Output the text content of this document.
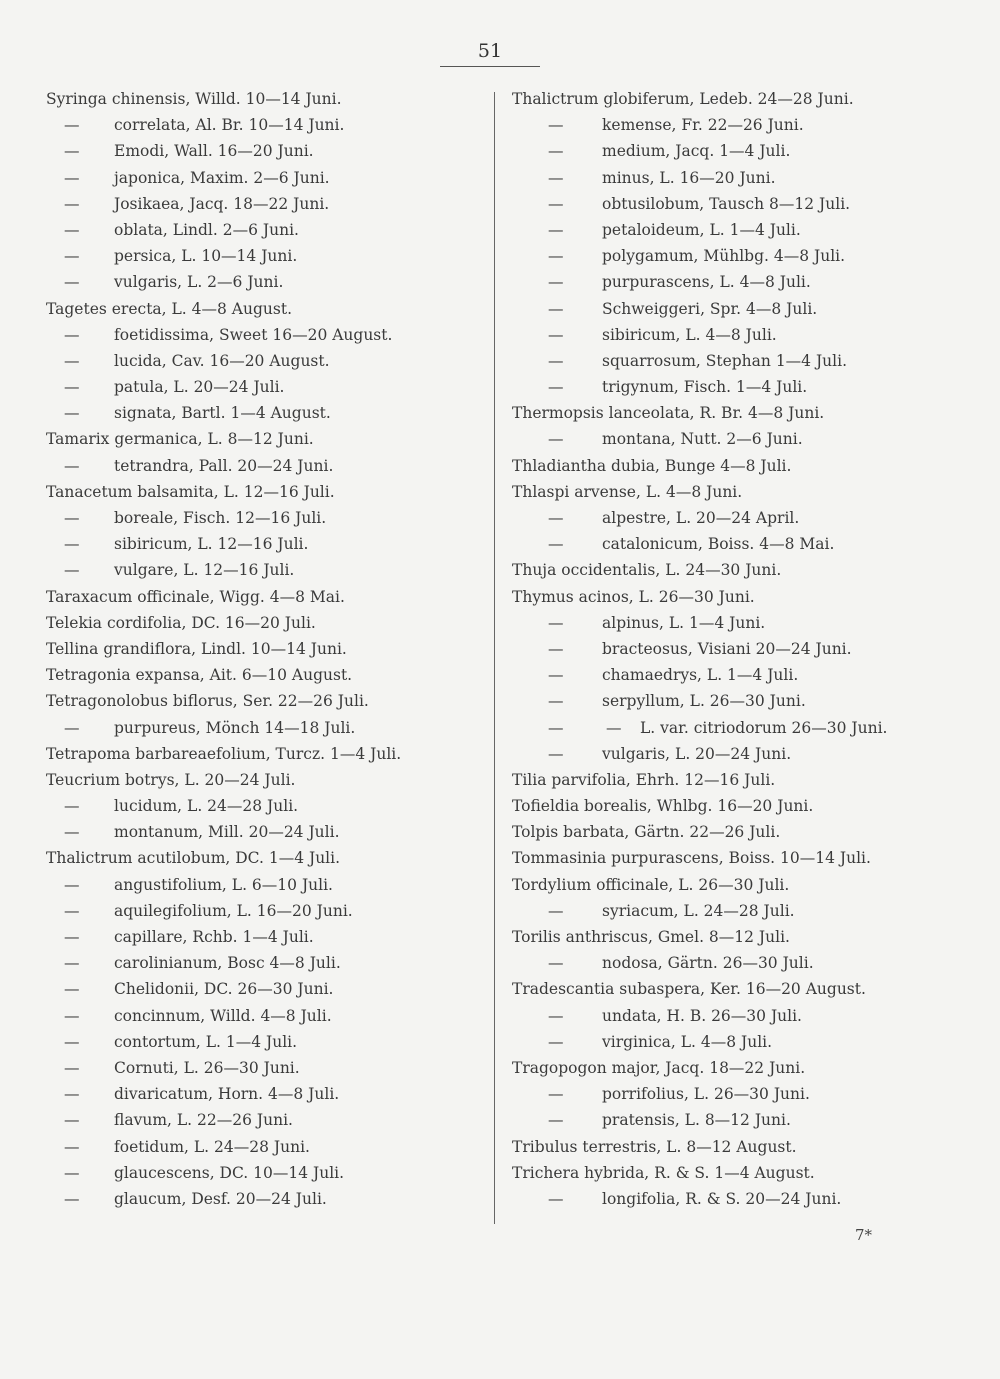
51
Syringa chinensis, Willd. 10—14 Juni.
— correlata, Al. Br. 10—14 Juni.
— Emodi, Wall. 16—20 Juni.
— japonica, Maxim. 2—6 Juni.
— Josikaea, Jacq. 18—22 Juni.
— oblata, Lindl. 2—6 Juni.
— persica, L. 10—14 Juni.
— vulgaris, L. 2—6 Juni.
Tagetes erecta, L. 4—8 August.
— foetidissima, Sweet 16—20 August.
— lucida, Cav. 16—20 August.
— patula, L. 20—24 Juli.
— signata, Bartl. 1—4 August.
Tamarix germanica, L. 8—12 Juni.
— tetrandra, Pall. 20—24 Juni.
Tanacetum balsamita, L. 12—16 Juli.
— boreale, Fisch. 12—16 Juli.
— sibiricum, L. 12—16 Juli.
— vulgare, L. 12—16 Juli.
Taraxacum officinale, Wigg. 4—8 Mai.
Telekia cordifolia, DC. 16—20 Juli.
Tellina grandiflora, Lindl. 10—14 Juni.
Tetragonia expansa, Ait. 6—10 August.
Tetragonolobus biflorus, Ser. 22—26 Juli.
— purpureus, Mönch 14—18 Juli.
Tetrapoma barbareaefolium, Turcz. 1—4 Juli.
Teucrium botrys, L. 20—24 Juli.
— lucidum, L. 24—28 Juli.
— montanum, Mill. 20—24 Juli.
Thalictrum acutilobum, DC. 1—4 Juli.
— angustifolium, L. 6—10 Juli.
— aquilegifolium, L. 16—20 Juni.
— capillare, Rchb. 1—4 Juli.
— carolinianum, Bosc 4—8 Juli.
— Chelidonii, DC. 26—30 Juni.
— concinnum, Willd. 4—8 Juli.
— contortum, L. 1—4 Juli.
— Cornuti, L. 26—30 Juni.
— divaricatum, Horn. 4—8 Juli.
— flavum, L. 22—26 Juni.
— foetidum, L. 24—28 Juni.
— glaucescens, DC. 10—14 Juli.
— glaucum, Desf. 20—24 Juli.
Thalictrum globiferum, Ledeb. 24—28 Juni.
— kemense, Fr. 22—26 Juni.
— medium, Jacq. 1—4 Juli.
— minus, L. 16—20 Juni.
— obtusilobum, Tausch 8—12 Juli.
— petaloideum, L. 1—4 Juli.
— polygamum, Mühlbg. 4—8 Juli.
— purpurascens, L. 4—8 Juli.
— Schweiggeri, Spr. 4—8 Juli.
— sibiricum, L. 4—8 Juli.
— squarrosum, Stephan 1—4 Juli.
— trigynum, Fisch. 1—4 Juli.
Thermopsis lanceolata, R. Br. 4—8 Juni.
— montana, Nutt. 2—6 Juni.
Thladiantha dubia, Bunge 4—8 Juli.
Thlaspi arvense, L. 4—8 Juni.
— alpestre, L. 20—24 April.
— catalonicum, Boiss. 4—8 Mai.
Thuja occidentalis, L. 24—30 Juni.
Thymus acinos, L. 26—30 Juni.
— alpinus, L. 1—4 Juni.
— bracteosus, Visiani 20—24 Juni.
— chamaedrys, L. 1—4 Juli.
— serpyllum, L. 26—30 Juni.
—	— L. var. citriodorum 26—30 Juni.
— vulgaris, L. 20—24 Juni.
Tilia parvifolia, Ehrh. 12—16 Juli.
Tofieldia borealis, Whlbg. 16—20 Juni.
Tolpis barbata, Gärtn. 22—26 Juli.
Tommasinia purpurascens, Boiss. 10—14 Juli.
Tordylium officinale, L. 26—30 Juli.
— syriacum, L. 24—28 Juli.
Torilis anthriscus, Gmel. 8—12 Juli.
— nodosa, Gärtn. 26—30 Juli.
Tradescantia subaspera, Ker. 16—20 August.
— undata, H. B. 26—30 Juli.
— virginica, L. 4—8 Juli.
Tragopogon major, Jacq. 18—22 Juni.
— porrifolius, L. 26—30 Juni.
— pratensis, L. 8—12 Juni.
Tribulus terrestris, L. 8—12 August.
Trichera hybrida, R. & S. 1—4 August.
— longifolia, R. & S. 20—24 Juni.
7*
